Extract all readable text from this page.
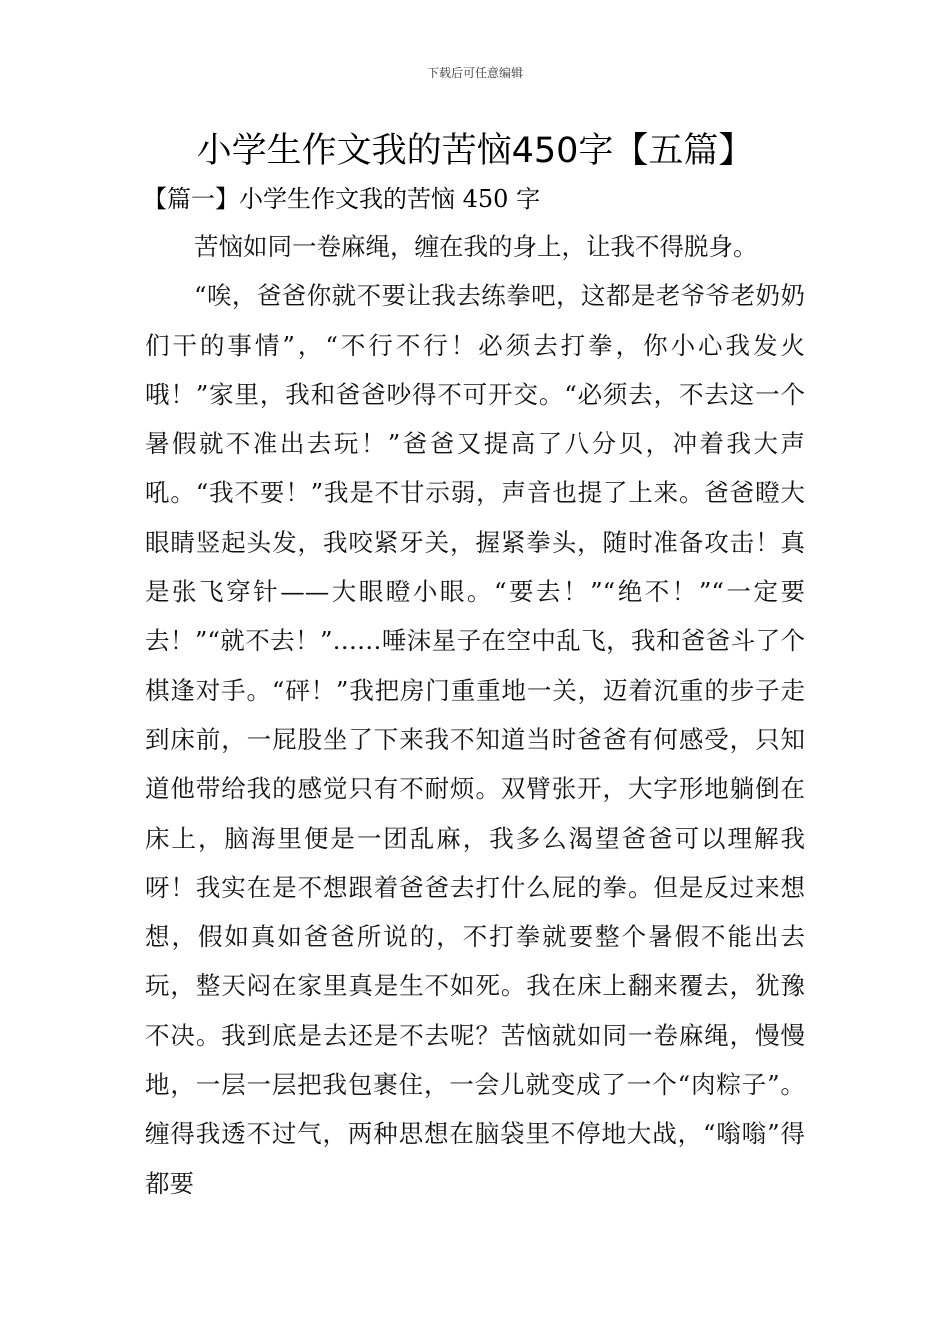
下载后可任意编辑
小学生作文我的苦恼450字【五篇】
【篇一】小学生作文我的苦恼 450 字

苦恼如同一卷麻绳，缠在我的身上，让我不得脱身。

“唉，爸爸你就不要让我去练拳吧，这都是老爷爷老奶奶们干的事情”，“不行不行！必须去打拳，你小心我发火哦！”家里，我和爸爸吵得不可开交。“必须去，不去这一个暑假就不准出去玩！”爸爸又提高了八分贝，冲着我大声吼。“我不要！”我是不甘示弱，声音也提了上来。爸爸瞪大眼睛竖起头发，我咬紧牙关，握紧拳头，随时准备攻击！真是张飞穿针——大眼瞪小眼。“要去！”“绝不！”“一定要去！”“就不去！”……唾沫星子在空中乱飞，我和爸爸斗了个棋逢对手。“砰！”我把房门重重地一关，迈着沉重的步子走到床前，一屁股坐了下来我不知道当时爸爸有何感受，只知道他带给我的感觉只有不耐烦。双臂张开，大字形地躺倒在床上，脑海里便是一团乱麻，我多么渴望爸爸可以理解我呀！我实在是不想跟着爸爸去打什么屁的拳。但是反过来想想，假如真如爸爸所说的，不打拳就要整个暑假不能出去玩，整天闷在家里真是生不如死。我在床上翻来覆去，犹豫不决。我到底是去还是不去呢？苦恼就如同一卷麻绳，慢慢地，一层一层把我包裹住，一会儿就变成了一个“肉粽子”。缠得我透不过气，两种思想在脑袋里不停地大战，“嗡嗡”得都要
